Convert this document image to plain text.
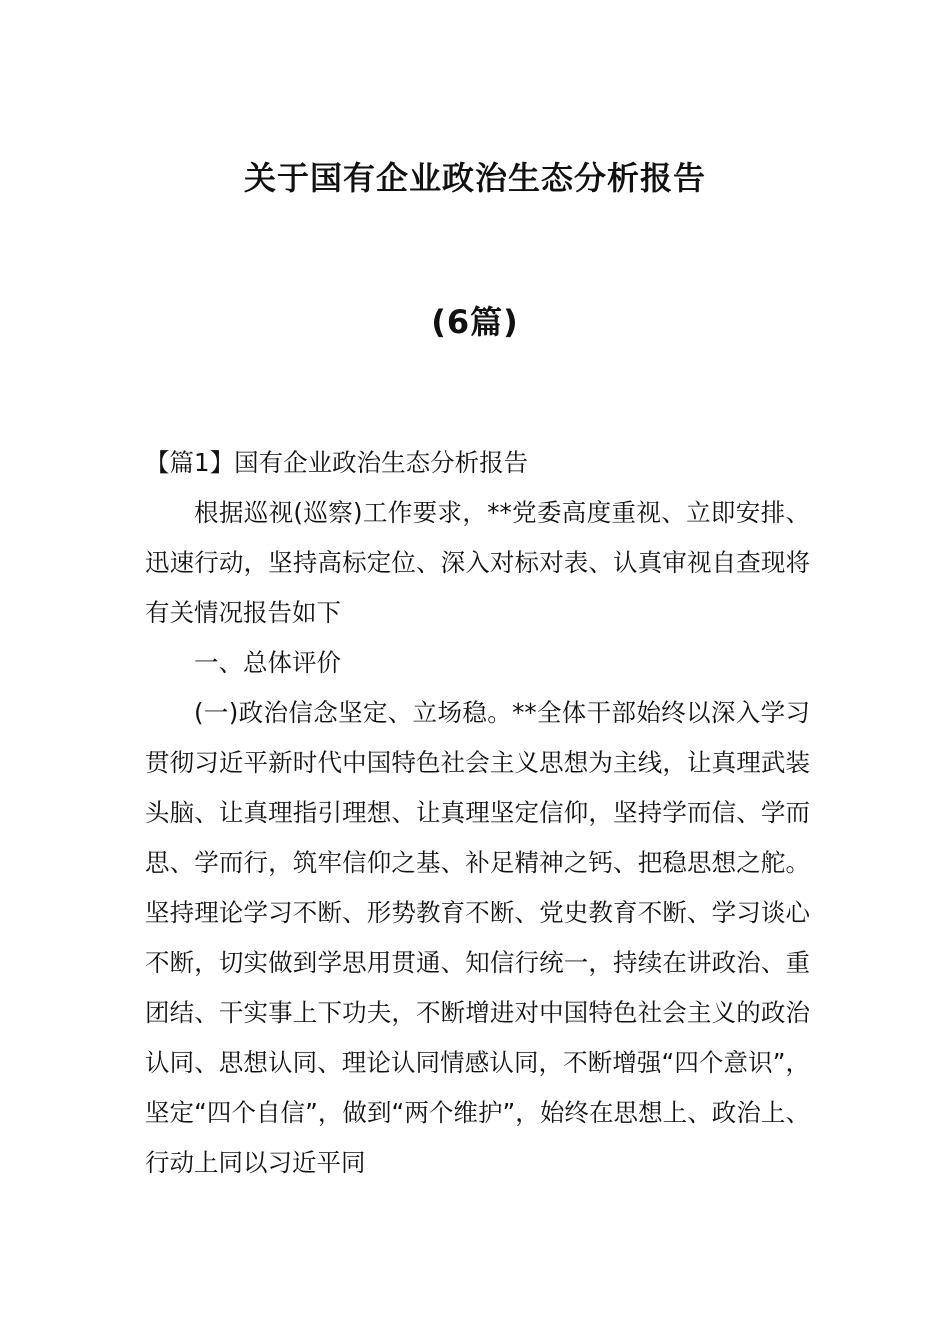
关于国有企业政治生态分析报告
(6篇)

【篇1】国有企业政治生态分析报告

根据巡视(巡察)工作要求，**党委高度重视、立即安排、迅速行动，坚持高标定位、深入对标对表、认真审视自查现将有关情况报告如下

一、总体评价

(一)政治信念坚定、立场稳。**全体干部始终以深入学习贯彻习近平新时代中国特色社会主义思想为主线，让真理武装头脑、让真理指引理想、让真理坚定信仰，坚持学而信、学而思、学而行，筑牢信仰之基、补足精神之钙、把稳思想之舵。坚持理论学习不断、形势教育不断、党史教育不断、学习谈心不断，切实做到学思用贯通、知信行统一，持续在讲政治、重团结、干实事上下功夫，不断增进对中国特色社会主义的政治认同、思想认同、理论认同情感认同，不断增强“四个意识”，坚定“四个自信”，做到“两个维护”，始终在思想上、政治上、行动上同以习近平同
